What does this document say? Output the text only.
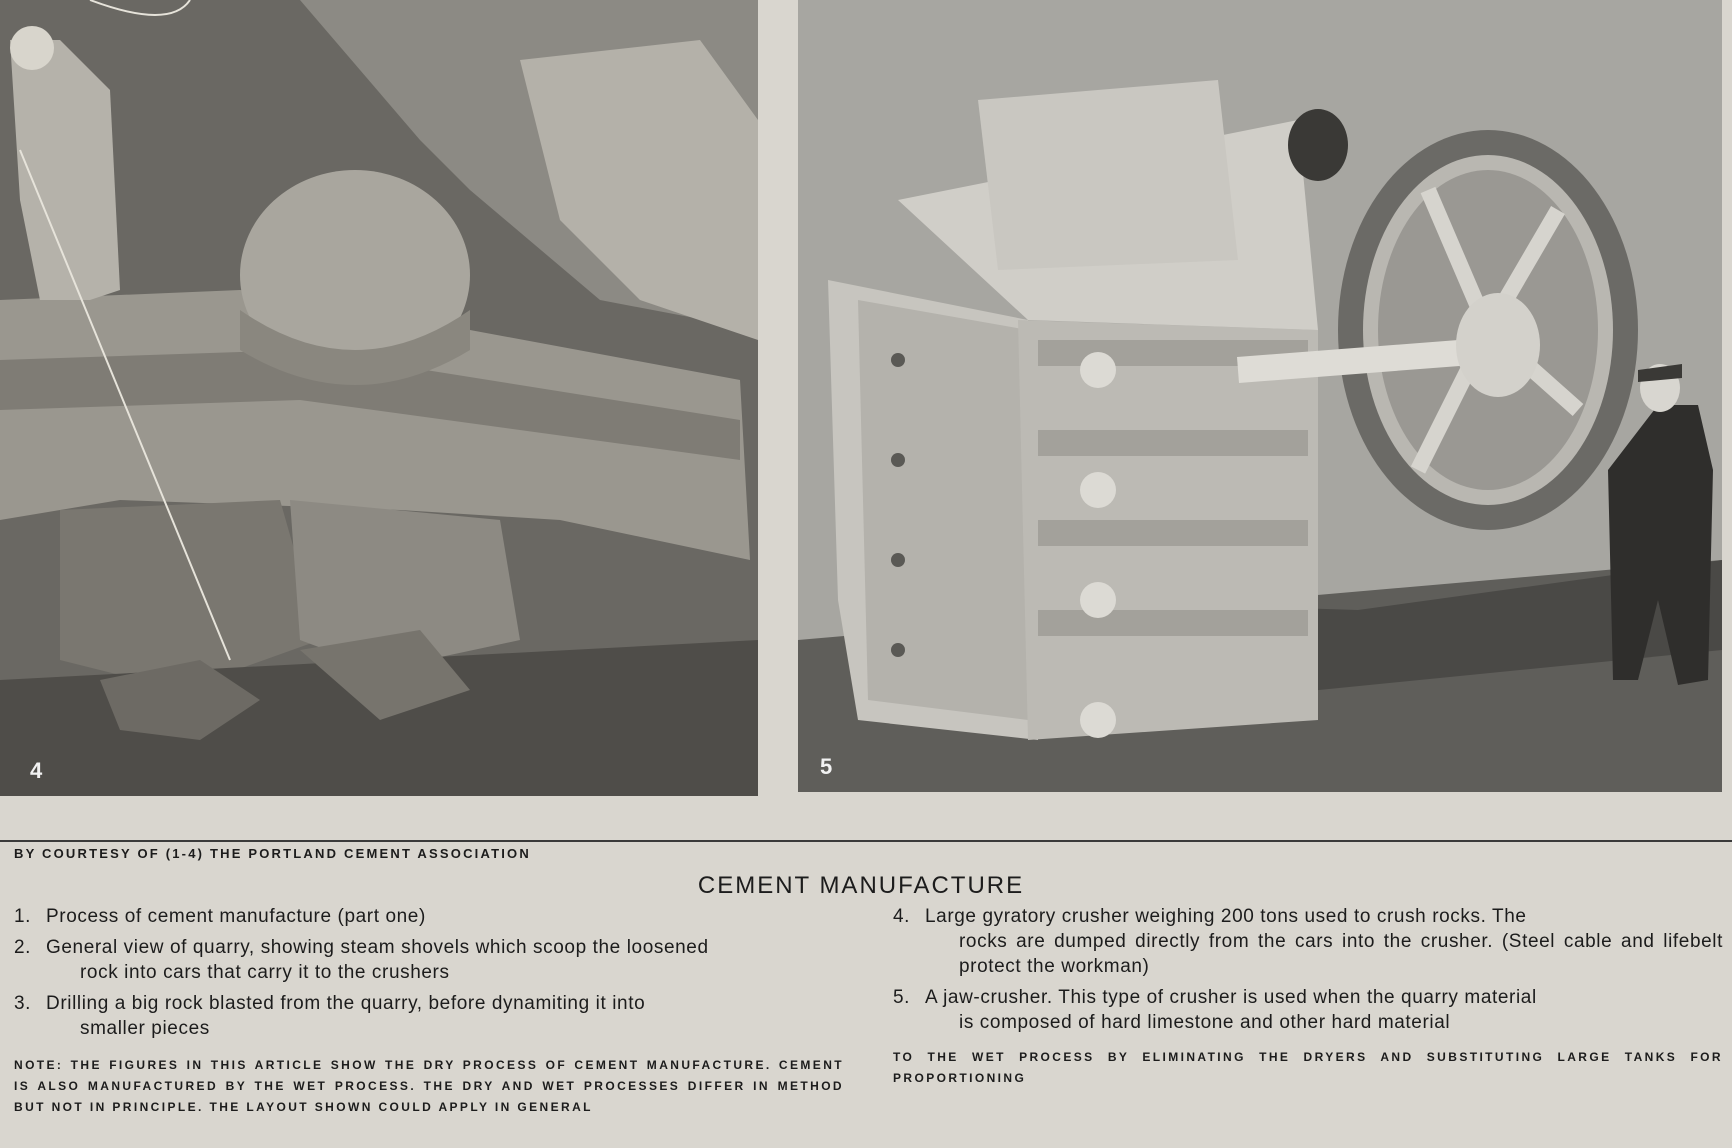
4	5
BY COURTESY OF (1-4) THE PORTLAND CEMENT ASSOCIATION
CEMENT MANUFACTURE
1. Process of cement manufacture (part one)
2. General view of quarry, showing steam shovels which scoop the loosened
rock into cars that carry it to the crushers
3. Drilling a big rock blasted from the quarry, before dynamiting it into
smaller pieces
NOTE: THE FIGURES IN THIS ARTICLE SHOW THE DRY PROCESS OF CEMENT MANUFACTURE. CEMENT IS ALSO MANUFACTURED BY THE WET PROCESS. THE DRY AND WET PROCESSES DIFFER IN METHOD BUT NOT IN PRINCIPLE. THE LAYOUT SHOWN COULD APPLY IN GENERAL
4. Large gyratory crusher weighing 200 tons used to crush rocks. The
rocks are dumped directly from the cars into the crusher. (Steel cable and lifebelt protect the workman)
5. A jaw-crusher. This type of crusher is used when the quarry material
is composed of hard limestone and other hard material
TO THE WET PROCESS BY ELIMINATING THE DRYERS AND SUBSTITUTING LARGE TANKS FOR PROPORTIONING
